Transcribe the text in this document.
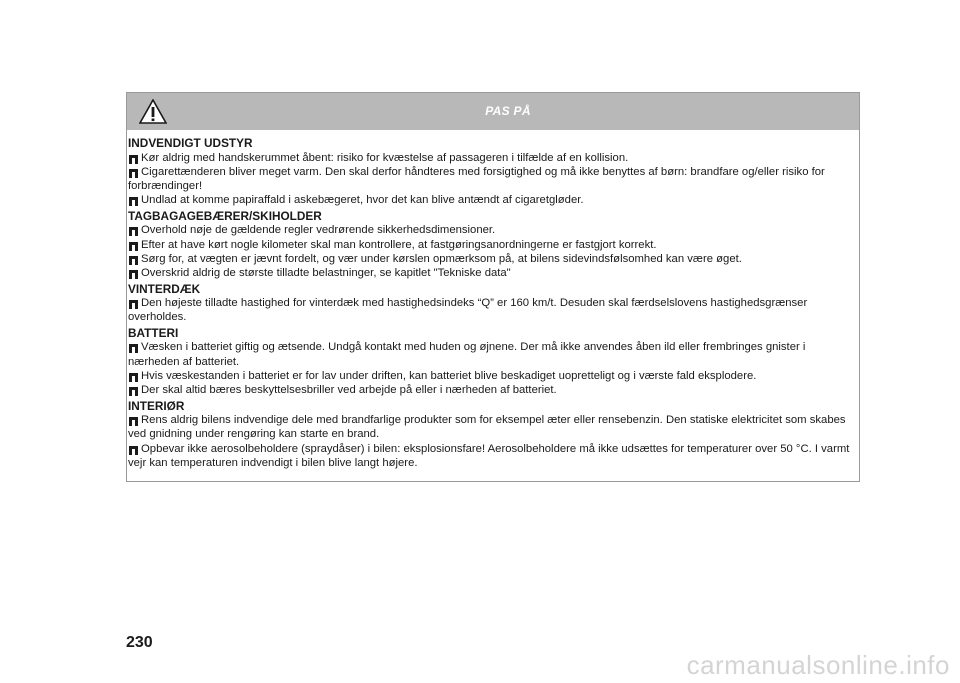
PAS PÅ
INDVENDIGT UDSTYR
Kør aldrig med handskerummet åbent: risiko for kvæstelse af passageren i tilfælde af en kollision.
Cigarettænderen bliver meget varm. Den skal derfor håndteres med forsigtighed og må ikke benyttes af børn: brandfare og/eller risiko for forbrændinger!
Undlad at komme papiraffald i askebægeret, hvor det kan blive antændt af cigaretgløder.
TAGBAGAGEBÆRER/SKIHOLDER
Overhold nøje de gældende regler vedrørende sikkerhedsdimensioner.
Efter at have kørt nogle kilometer skal man kontrollere, at fastgøringsanordningerne er fastgjort korrekt.
Sørg for, at vægten er jævnt fordelt, og vær under kørslen opmærksom på, at bilens sidevindsfølsomhed kan være øget.
Overskrid aldrig de største tilladte belastninger, se kapitlet "Tekniske data"
VINTERDÆK
Den højeste tilladte hastighed for vinterdæk med hastighedsindeks “Q” er 160 km/t. Desuden skal færdselslovens hastighedsgrænser overholdes.
BATTERI
Væsken i batteriet giftig og ætsende. Undgå kontakt med huden og øjnene. Der må ikke anvendes åben ild eller frembringes gnister i nærheden af batteriet.
Hvis væskestanden i batteriet er for lav under driften, kan batteriet blive beskadiget uopretteligt og i værste fald eksplodere.
Der skal altid bæres beskyttelsesbriller ved arbejde på eller i nærheden af batteriet.
INTERIØR
Rens aldrig bilens indvendige dele med brandfarlige produkter som for eksempel æter eller rensebenzin. Den statiske elektricitet som skabes ved gnidning under rengøring kan starte en brand.
Opbevar ikke aerosolbeholdere (spraydåser) i bilen: eksplosionsfare! Aerosolbeholdere må ikke udsættes for temperaturer over 50 °C. I varmt vejr kan temperaturen indvendigt i bilen blive langt højere.
230
carmanualsonline.info
